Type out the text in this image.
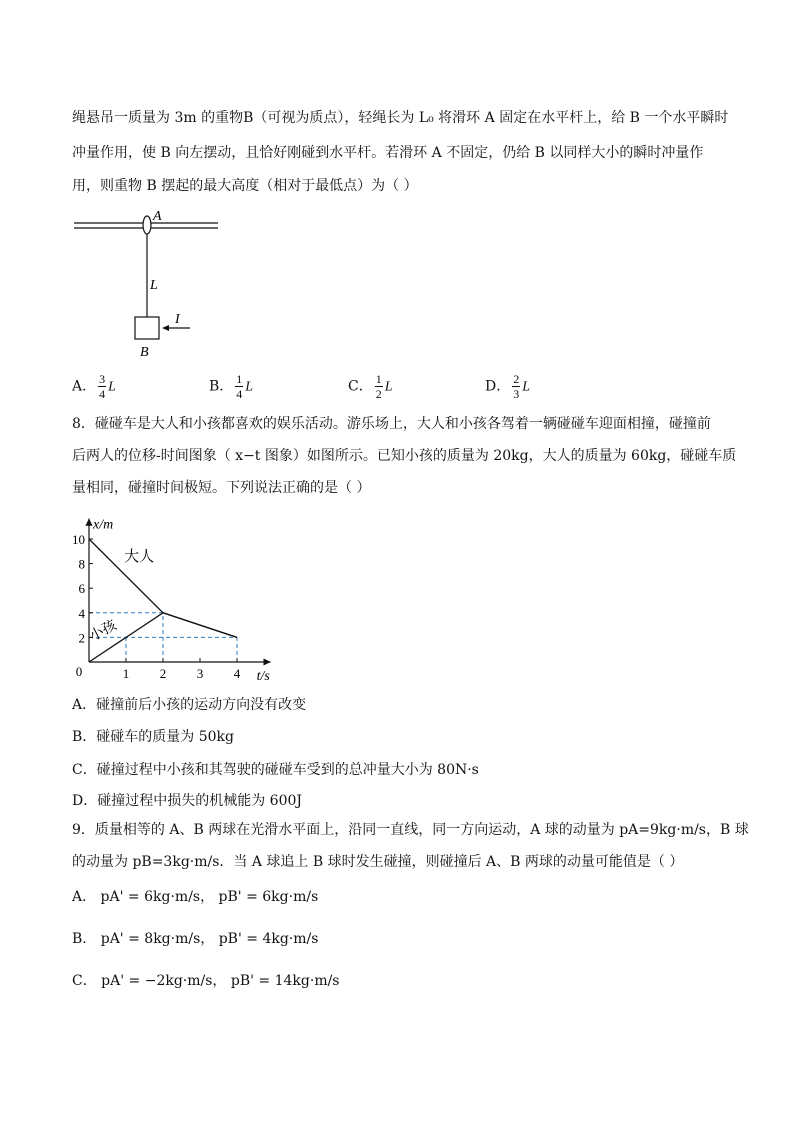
绳悬吊一质量为 3m 的重物B（可视为质点），轻绳长为 L₀ 将滑环 A 固定在水平杆上，给 B 一个水平瞬时
冲量作用，使 B 向左摆动，且恰好刚碰到水平杆。若滑环 A 不固定，仍给 B 以同样大小的瞬时冲量作
用，则重物 B 摆起的最大高度（相对于最低点）为（ ）
A
L
B
I
A． $\frac{3}{4}$ L	B． $\frac{1}{4}$ L	C． $\frac{1}{2}$ L	D． $\frac{2}{3}$ L
8．碰碰车是大人和小孩都喜欢的娱乐活动。游乐场上，大人和小孩各驾着一辆碰碰车迎面相撞，碰撞前
后两人的位移-时间图象（ x−t 图象）如图所示。已知小孩的质量为 20kg，大人的质量为 60kg，碰碰车质
量相同，碰撞时间极短。下列说法正确的是（ ）
1 2 3 4
2
4
6
8
10
0	t/s
x/m
大人
小孩
A．碰撞前后小孩的运动方向没有改变
B．碰碰车的质量为 50kg
C．碰撞过程中小孩和其驾驶的碰碰车受到的总冲量大小为 80N·s
D．碰撞过程中损失的机械能为 600J
9．质量相等的 A、B 两球在光滑水平面上，沿同一直线，同一方向运动，A 球的动量为 pA=9kg·m/s，B 球
的动量为 pB=3kg·m/s．当 A 球追上 B 球时发生碰撞，则碰撞后 A、B 两球的动量可能值是（ ）
A． pA' = 6kg·m/s， pB' = 6kg·m/s
B． pA' = 8kg·m/s， pB' = 4kg·m/s
C． pA' = −2kg·m/s， pB' = 14kg·m/s
